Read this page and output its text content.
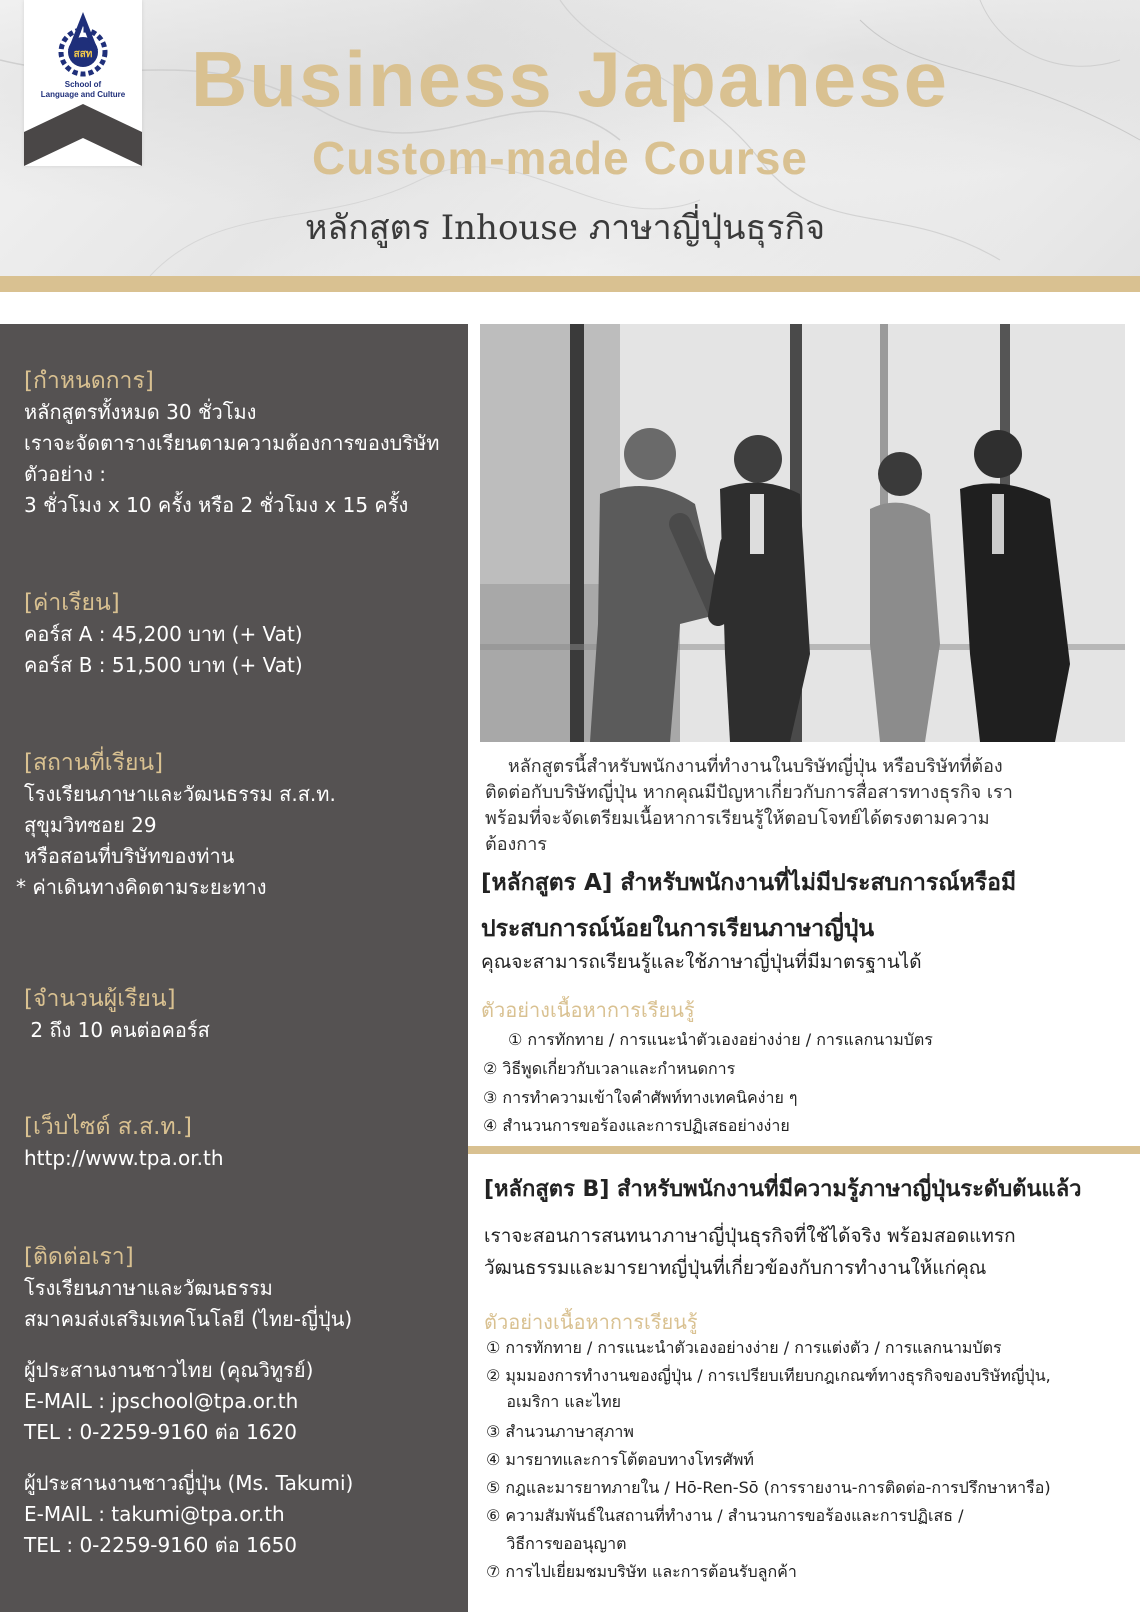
สสท
School of
Language and Culture Business Japanese
Custom-made Course
หลักสูตร Inhouse ภาษาญี่ปุ่นธุรกิจ
[กำหนดการ]
หลักสูตรทั้งหมด 30 ชั่วโมง
เราจะจัดตารางเรียนตามความต้องการของบริษัท
ตัวอย่าง :
3 ชั่วโมง x 10 ครั้ง หรือ 2 ชั่วโมง x 15 ครั้ง
[ค่าเรียน]
คอร์ส A : 45,200 บาท (+ Vat)
คอร์ส B : 51,500 บาท (+ Vat)
[สถานที่เรียน]
โรงเรียนภาษาและวัฒนธรรม ส.ส.ท.
สุขุมวิทซอย 29
หรือสอนที่บริษัทของท่าน
* ค่าเดินทางคิดตามระยะทาง
[จำนวนผู้เรียน]
2 ถึง 10 คนต่อคอร์ส
[เว็บไซต์ ส.ส.ท.]
http://www.tpa.or.th
[ติดต่อเรา]
โรงเรียนภาษาและวัฒนธรรม
สมาคมส่งเสริมเทคโนโลยี (ไทย-ญี่ปุ่น)
ผู้ประสานงานชาวไทย (คุณวิทูรย์)
E-MAIL : jpschool@tpa.or.th
TEL : 0-2259-9160 ต่อ 1620
ผู้ประสานงานชาวญี่ปุ่น (Ms. Takumi)
E-MAIL : takumi@tpa.or.th
TEL : 0-2259-9160 ต่อ 1650
หลักสูตรนี้สำหรับพนักงานที่ทำงานในบริษัทญี่ปุ่น หรือบริษัทที่ต้อง
ติดต่อกับบริษัทญี่ปุ่น หากคุณมีปัญหาเกี่ยวกับการสื่อสารทางธุรกิจ เรา
พร้อมที่จะจัดเตรียมเนื้อหาการเรียนรู้ให้ตอบโจทย์ได้ตรงตามความ
ต้องการ
[หลักสูตร A] สำหรับพนักงานที่ไม่มีประสบการณ์หรือมี
ประสบการณ์น้อยในการเรียนภาษาญี่ปุ่น
คุณจะสามารถเรียนรู้และใช้ภาษาญี่ปุ่นที่มีมาตรฐานได้
ตัวอย่างเนื้อหาการเรียนรู้
① การทักทาย / การแนะนำตัวเองอย่างง่าย / การแลกนามบัตร
② วิธีพูดเกี่ยวกับเวลาและกำหนดการ
③ การทำความเข้าใจคำศัพท์ทางเทคนิคง่าย ๆ
④ สำนวนการขอร้องและการปฏิเสธอย่างง่าย
[หลักสูตร B] สำหรับพนักงานที่มีความรู้ภาษาญี่ปุ่นระดับต้นแล้ว
เราจะสอนการสนทนาภาษาญี่ปุ่นธุรกิจที่ใช้ได้จริง พร้อมสอดแทรก
วัฒนธรรมและมารยาทญี่ปุ่นที่เกี่ยวข้องกับการทำงานให้แก่คุณ
ตัวอย่างเนื้อหาการเรียนรู้
① การทักทาย / การแนะนำตัวเองอย่างง่าย / การแต่งตัว / การแลกนามบัตร
② มุมมองการทำงานของญี่ปุ่น / การเปรียบเทียบกฎเกณฑ์ทางธุรกิจของบริษัทญี่ปุ่น,
อเมริกา และไทย
③ สำนวนภาษาสุภาพ
④ มารยาทและการโต้ตอบทางโทรศัพท์
⑤ กฎและมารยาทภายใน / Hō-Ren-Sō (การรายงาน-การติดต่อ-การปรึกษาหารือ)
⑥ ความสัมพันธ์ในสถานที่ทำงาน / สำนวนการขอร้องและการปฏิเสธ /
วิธีการขออนุญาต
⑦ การไปเยี่ยมชมบริษัท และการต้อนรับลูกค้า
